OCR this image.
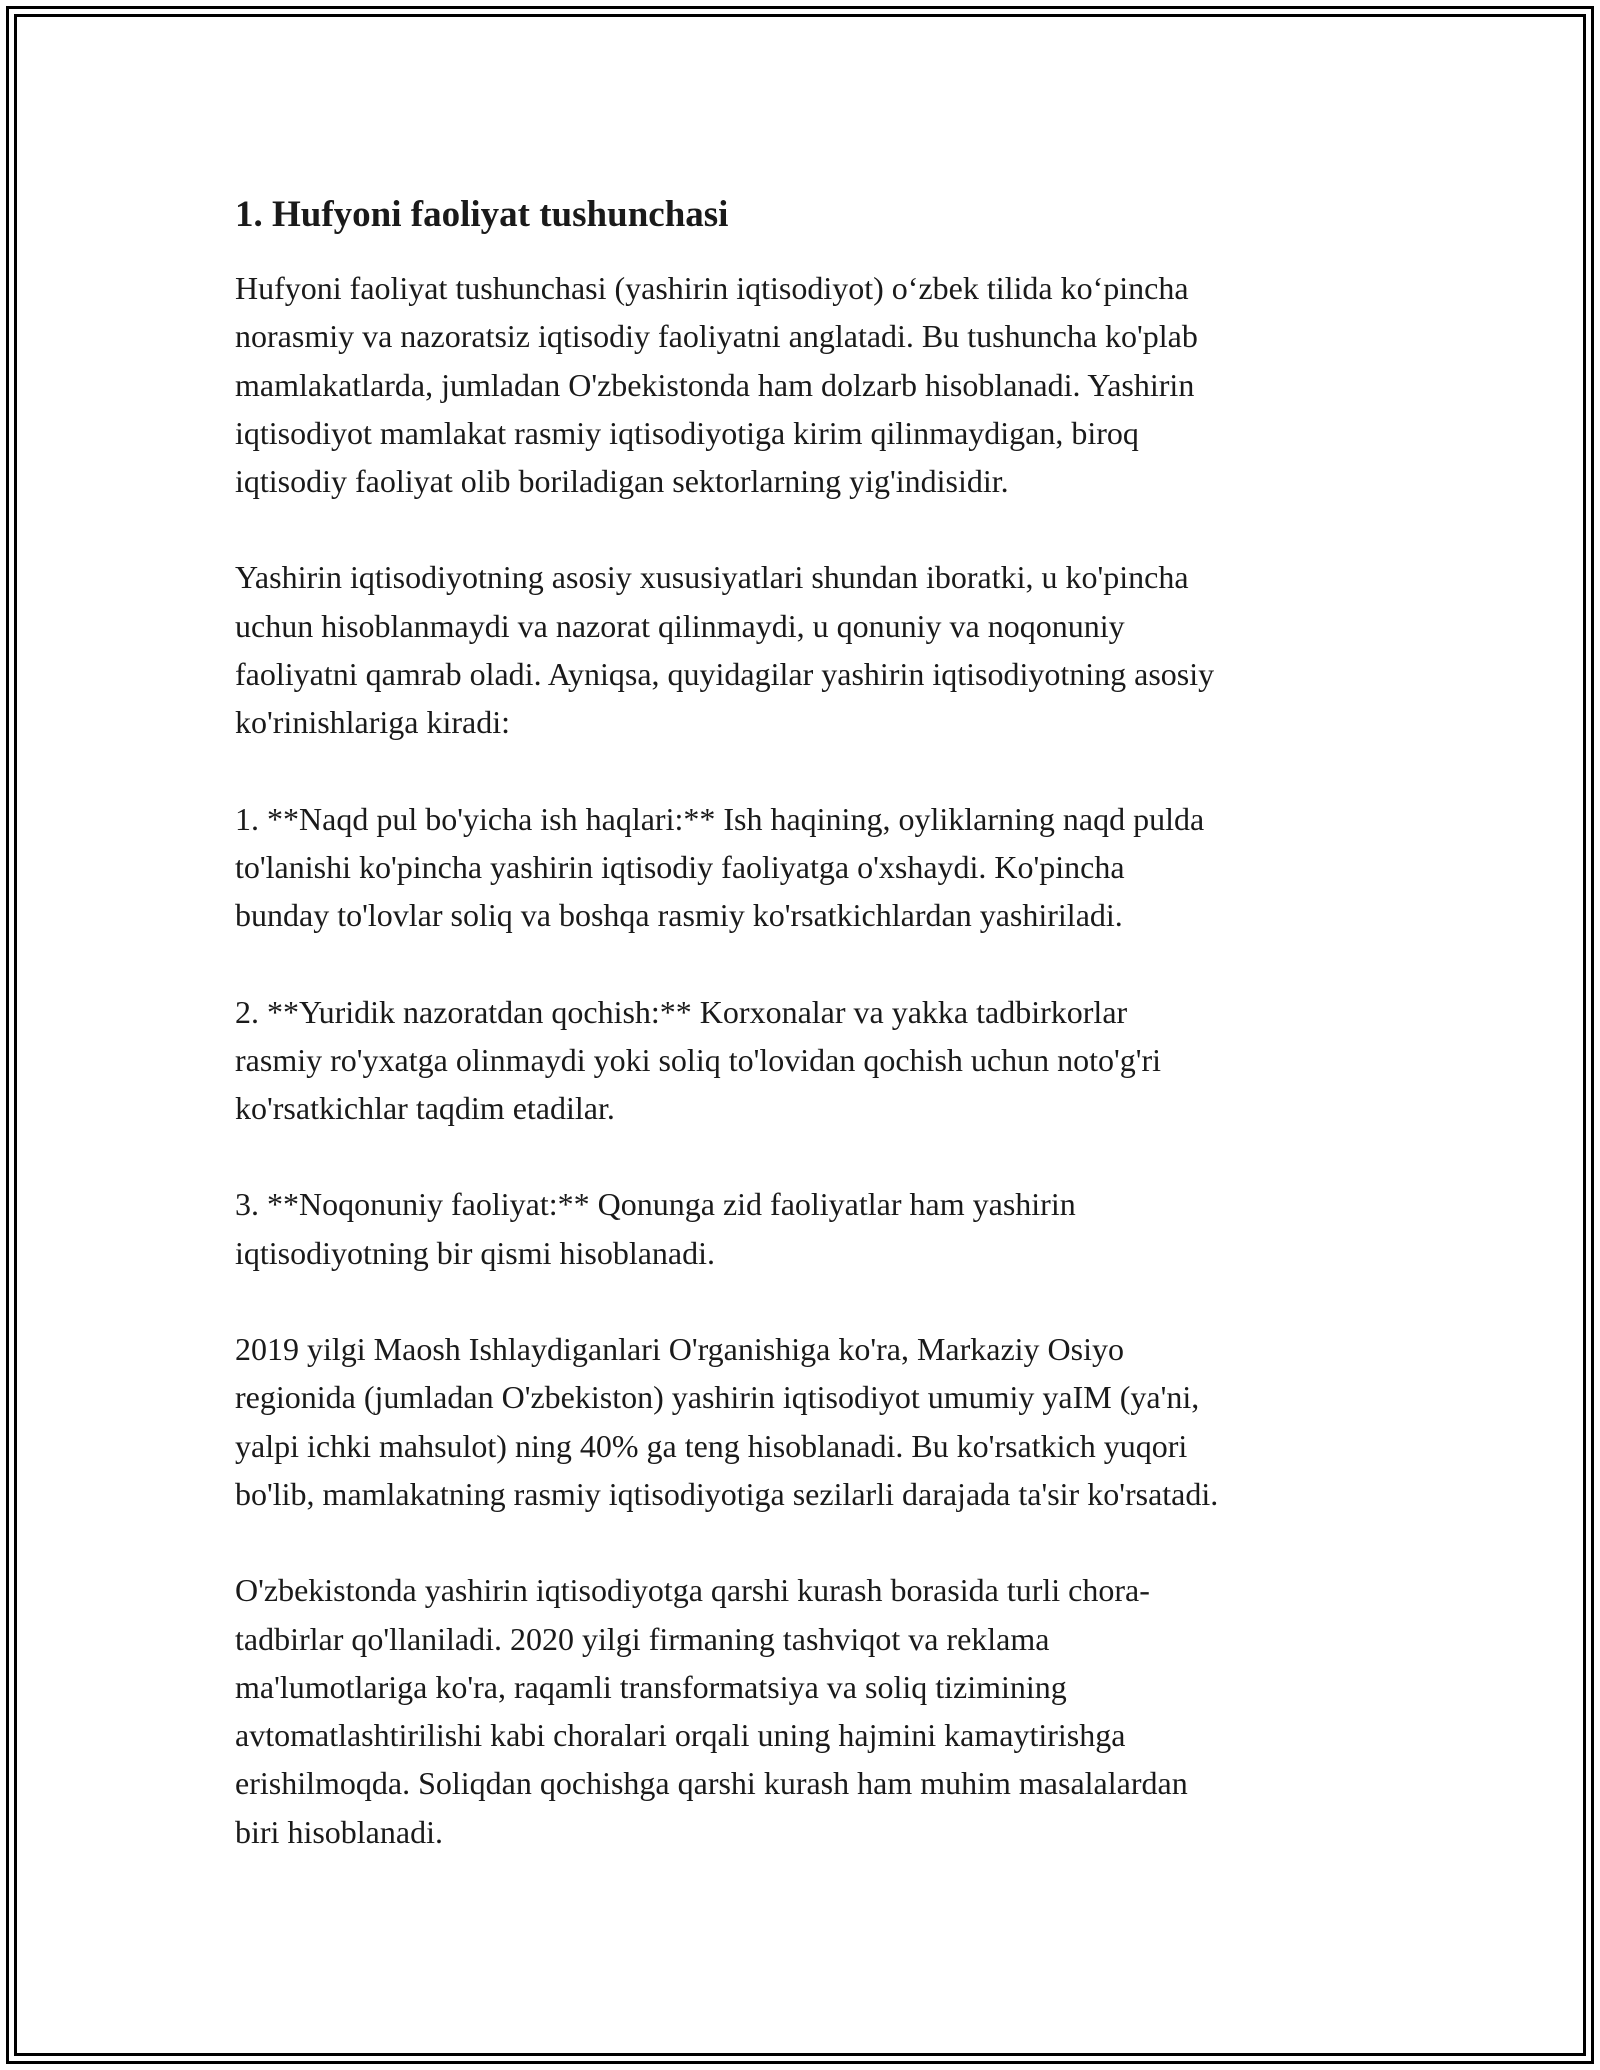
1. Hufyoni faoliyat tushunchasi

Hufyoni faoliyat tushunchasi (yashirin iqtisodiyot) o‘zbek tilida ko‘pincha
norasmiy va nazoratsiz iqtisodiy faoliyatni anglatadi. Bu tushuncha ko'plab
mamlakatlarda, jumladan O'zbekistonda ham dolzarb hisoblanadi. Yashirin
iqtisodiyot mamlakat rasmiy iqtisodiyotiga kirim qilinmaydigan, biroq
iqtisodiy faoliyat olib boriladigan sektorlarning yig'indisidir.

Yashirin iqtisodiyotning asosiy xususiyatlari shundan iboratki, u ko'pincha
uchun hisoblanmaydi va nazorat qilinmaydi, u qonuniy va noqonuniy
faoliyatni qamrab oladi. Ayniqsa, quyidagilar yashirin iqtisodiyotning asosiy
ko'rinishlariga kiradi:

1. **Naqd pul bo'yicha ish haqlari:** Ish haqining, oyliklarning naqd pulda
to'lanishi ko'pincha yashirin iqtisodiy faoliyatga o'xshaydi. Ko'pincha
bunday to'lovlar soliq va boshqa rasmiy ko'rsatkichlardan yashiriladi.

2. **Yuridik nazoratdan qochish:** Korxonalar va yakka tadbirkorlar
rasmiy ro'yxatga olinmaydi yoki soliq to'lovidan qochish uchun noto'g'ri
ko'rsatkichlar taqdim etadilar.

3. **Noqonuniy faoliyat:** Qonunga zid faoliyatlar ham yashirin
iqtisodiyotning bir qismi hisoblanadi.

2019 yilgi Maosh Ishlaydiganlari O'rganishiga ko'ra, Markaziy Osiyo
regionida (jumladan O'zbekiston) yashirin iqtisodiyot umumiy yaIM (ya'ni,
yalpi ichki mahsulot) ning 40% ga teng hisoblanadi. Bu ko'rsatkich yuqori
bo'lib, mamlakatning rasmiy iqtisodiyotiga sezilarli darajada ta'sir ko'rsatadi.

O'zbekistonda yashirin iqtisodiyotga qarshi kurash borasida turli chora-
tadbirlar qo'llaniladi. 2020 yilgi firmaning tashviqot va reklama
ma'lumotlariga ko'ra, raqamli transformatsiya va soliq tizimining
avtomatlashtirilishi kabi choralari orqali uning hajmini kamaytirishga
erishilmoqda. Soliqdan qochishga qarshi kurash ham muhim masalalardan
biri hisoblanadi.
